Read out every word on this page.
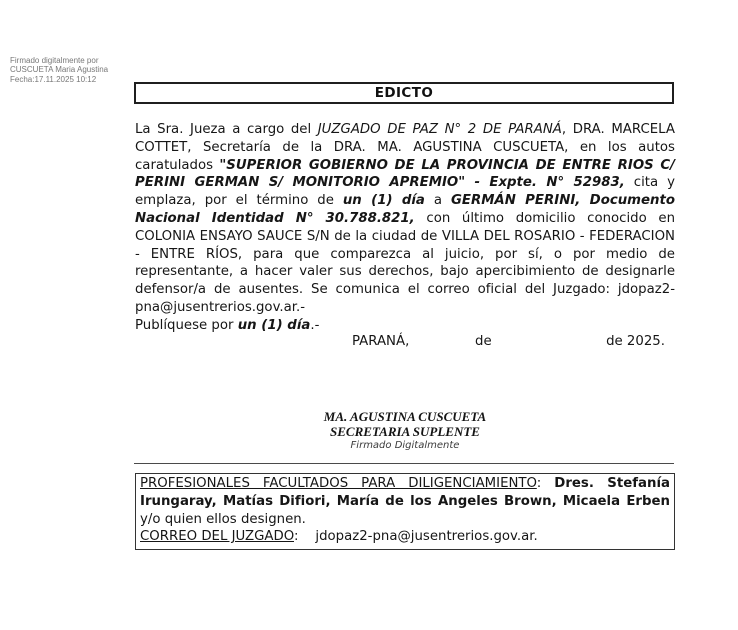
Firmado digitalmente por
CUSCUETA Maria Agustina
Fecha:17.11.2025 10:12
EDICTO
La Sra. Jueza a cargo del JUZGADO DE PAZ N° 2 DE PARANÁ, DRA. MARCELA COTTET, Secretaría de la DRA. MA. AGUSTINA CUSCUETA, en los autos caratulados "SUPERIOR GOBIERNO DE LA PROVINCIA DE ENTRE RIOS C/ PERINI GERMAN S/ MONITORIO APREMIO" - Expte. N° 52983, cita y emplaza, por el término de un (1) día a GERMÁN PERINI, Documento Nacional Identidad N° 30.788.821, con último domicilio conocido en COLONIA ENSAYO SAUCE S/N de la ciudad de VILLA DEL ROSARIO - FEDERACION - ENTRE RÍOS, para que comparezca al juicio, por sí, o por medio de representante, a hacer valer sus derechos, bajo apercibimiento de designarle defensor/a de ausentes. Se comunica el correo oficial del Juzgado: jdopaz2-pna@jusentrerios.gov.ar.-
Publíquese por un (1) día.-
PARANÁ,	de	de 2025.
MA. AGUSTINA CUSCUETA
SECRETARIA SUPLENTE
Firmado Digitalmente
PROFESIONALES FACULTADOS PARA DILIGENCIAMIENTO: Dres. Stefanía Irungaray, Matías Difiori, María de los Angeles Brown, Micaela Erben y/o quien ellos designen.
CORREO DEL JUZGADO:    jdopaz2-pna@jusentrerios.gov.ar.
